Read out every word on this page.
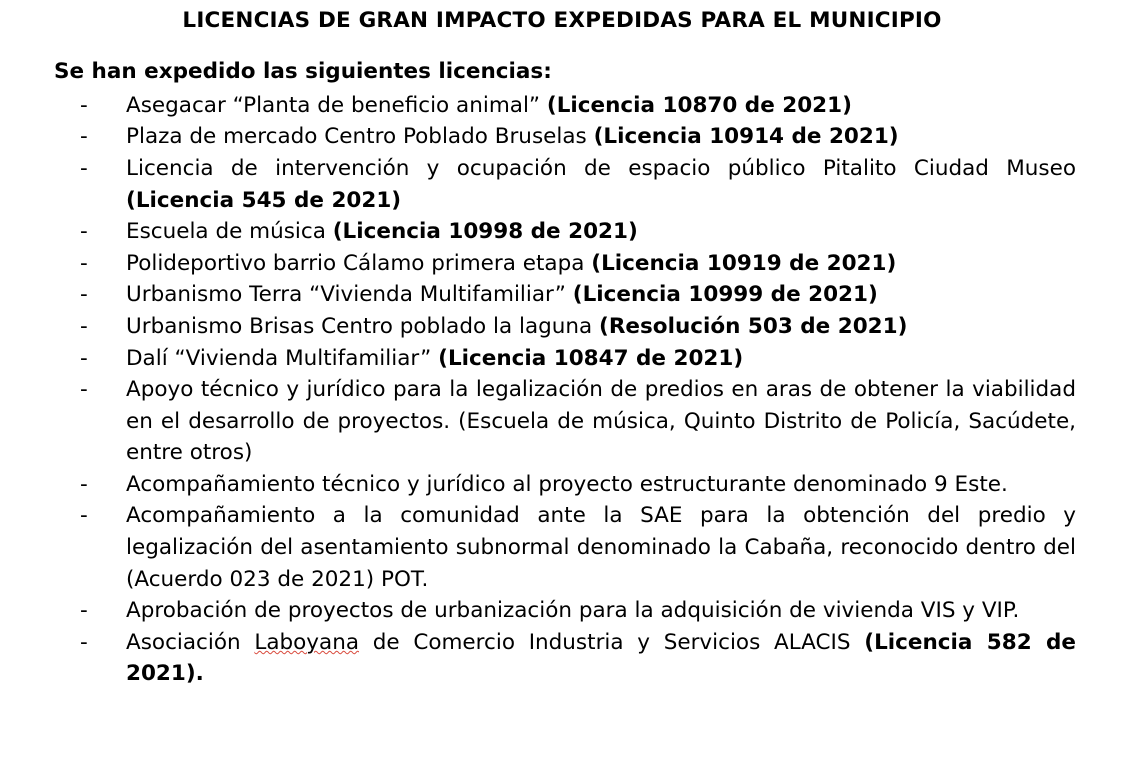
LICENCIAS DE GRAN IMPACTO EXPEDIDAS PARA EL MUNICIPIO
Se han expedido las siguientes licencias:
- Asegacar “Planta de beneficio animal” (Licencia 10870 de 2021)
- Plaza de mercado Centro Poblado Bruselas (Licencia 10914 de 2021)
- Licencia de intervención y ocupación de espacio público Pitalito Ciudad Museo (Licencia 545 de 2021)
- Escuela de música (Licencia 10998 de 2021)
- Polideportivo barrio Cálamo primera etapa (Licencia 10919 de 2021)
- Urbanismo Terra “Vivienda Multifamiliar” (Licencia 10999 de 2021)
- Urbanismo Brisas Centro poblado la laguna (Resolución 503 de 2021)
- Dalí “Vivienda Multifamiliar” (Licencia 10847 de 2021)
- Apoyo técnico y jurídico para la legalización de predios en aras de obtener la viabilidad en el desarrollo de proyectos. (Escuela de música, Quinto Distrito de Policía, Sacúdete, entre otros)
- Acompañamiento técnico y jurídico al proyecto estructurante denominado 9 Este.
- Acompañamiento a la comunidad ante la SAE para la obtención del predio y legalización del asentamiento subnormal denominado la Cabaña, reconocido dentro del (Acuerdo 023 de 2021) POT.
- Aprobación de proyectos de urbanización para la adquisición de vivienda VIS y VIP.
- Asociación Laboyana de Comercio Industria y Servicios ALACIS (Licencia 582 de 2021).
